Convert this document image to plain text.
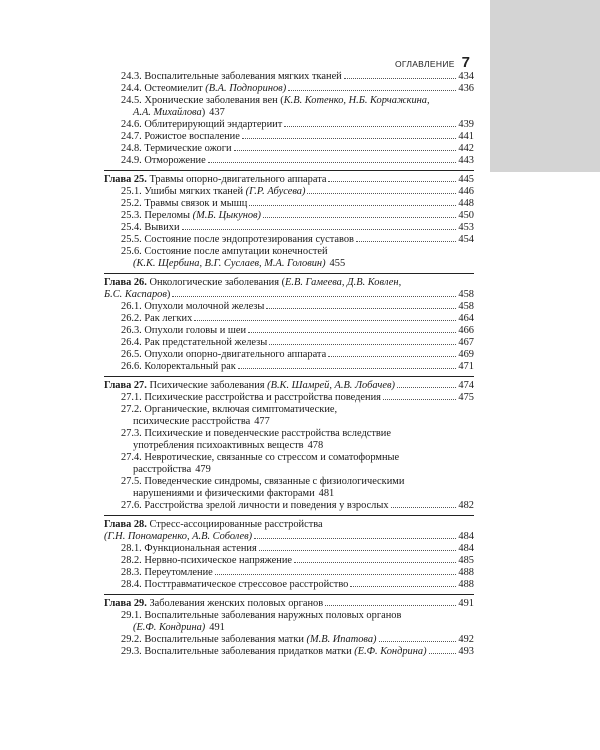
ОГЛАВЛЕНИЕ 7
24.3. Воспалительные заболевания мягких тканей	434
24.4. Остеомиелит (В.А. Подпоринов)	436
24.5. Хронические заболевания вен (К.В. Котенко, Н.Б. Корчажкина,
А.А. Михайлова) 437
24.6. Облитерирующий эндартериит	439
24.7. Рожистое воспаление	441
24.8. Термические ожоги	442
24.9. Отморожение	443
Глава 25. Травмы опорно-двигательного аппарата	445
25.1. Ушибы мягких тканей (Г.Р. Абусева)	446
25.2. Травмы связок и мышц	448
25.3. Переломы (М.Б. Цыкунов)	450
25.4. Вывихи	453
25.5. Состояние после эндопротезирования суставов	454
25.6. Состояние после ампутации конечностей
(К.К. Щербина, В.Г. Суслаев, М.А. Головин) 455
Глава 26. Онкологические заболевания (Е.В. Гамеева, Д.В. Ковлен,
Б.С. Каспаров)	458
26.1. Опухоли молочной железы	458
26.2. Рак легких	464
26.3. Опухоли головы и шеи	466
26.4. Рак предстательной железы	467
26.5. Опухоли опорно-двигательного аппарата	469
26.6. Колоректальный рак	471
Глава 27. Психические заболевания (В.К. Шамрей, А.В. Лобачев)	474
27.1. Психические расстройства и расстройства поведения	475
27.2. Органические, включая симптоматические,
психические расстройства 477
27.3. Психические и поведенческие расстройства вследствие
употребления психоактивных веществ 478
27.4. Невротические, связанные со стрессом и соматоформные
расстройства 479
27.5. Поведенческие синдромы, связанные с физиологическими
нарушениями и физическими факторами 481
27.6. Расстройства зрелой личности и поведения у взрослых	482
Глава 28. Стресс-ассоциированные расстройства
(Г.Н. Пономаренко, А.В. Соболев)	484
28.1. Функциональная астения	484
28.2. Нервно-психическое напряжение	485
28.3. Переутомление	488
28.4. Посттравматическое стрессовое расстройство	488
Глава 29. Заболевания женских половых органов	491
29.1. Воспалительные заболевания наружных половых органов
(Е.Ф. Кондрина) 491
29.2. Воспалительные заболевания матки (М.В. Ипатова)	492
29.3. Воспалительные заболевания придатков матки (Е.Ф. Кондрина)	493
